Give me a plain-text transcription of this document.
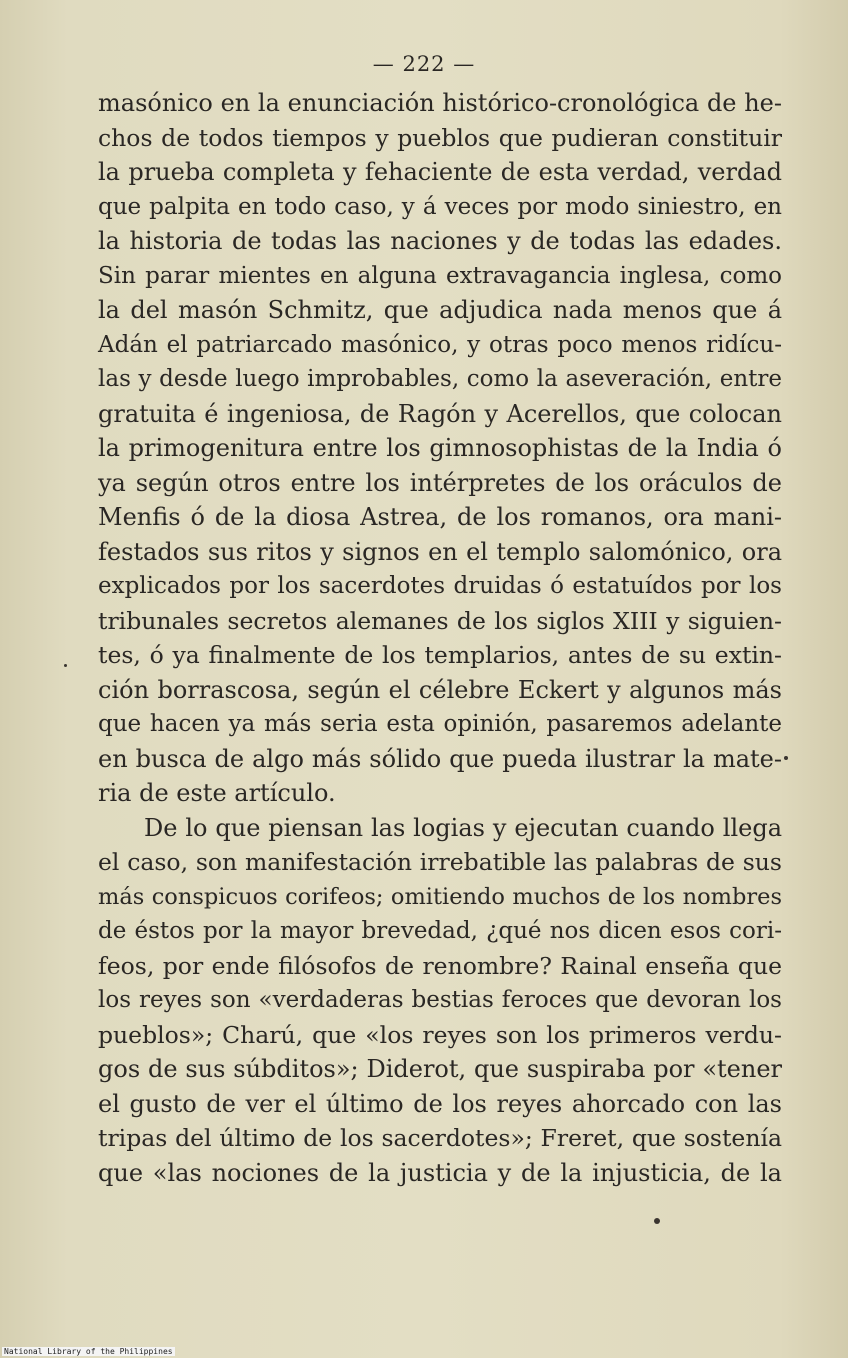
— 222 —
masónico en la enunciación histórico-cronológica de he-
chos de todos tiempos y pueblos que pudieran constituir
la prueba completa y fehaciente de esta verdad, verdad
que palpita en todo caso, y á veces por modo siniestro, en
la historia de todas las naciones y de todas las edades.
Sin parar mientes en alguna extravagancia inglesa, como
la del masón Schmitz, que adjudica nada menos que á
Adán el patriarcado masónico, y otras poco menos ridícu-
las y desde luego improbables, como la aseveración, entre
gratuita é ingeniosa, de Ragón y Acerellos, que colocan
la primogenitura entre los gimnosophistas de la India ó
ya según otros entre los intérpretes de los oráculos de
Menfis ó de la diosa Astrea, de los romanos, ora mani-
festados sus ritos y signos en el templo salomónico, ora
explicados por los sacerdotes druidas ó estatuídos por los
tribunales secretos alemanes de los siglos XIII y siguien-
tes, ó ya finalmente de los templarios, antes de su extin-
ción borrascosa, según el célebre Eckert y algunos más
que hacen ya más seria esta opinión, pasaremos adelante
en busca de algo más sólido que pueda ilustrar la mate-
ria de este artículo.
De lo que piensan las logias y ejecutan cuando llega
el caso, son manifestación irrebatible las palabras de sus
más conspicuos corifeos; omitiendo muchos de los nombres
de éstos por la mayor brevedad, ¿qué nos dicen esos cori-
feos, por ende filósofos de renombre? Rainal enseña que
los reyes son «verdaderas bestias feroces que devoran los
pueblos»; Charú, que «los reyes son los primeros verdu-
gos de sus súbditos»; Diderot, que suspiraba por «tener
el gusto de ver el último de los reyes ahorcado con las
tripas del último de los sacerdotes»; Freret, que sostenía
que «las nociones de la justicia y de la injusticia, de la
National Library of the Philippines
